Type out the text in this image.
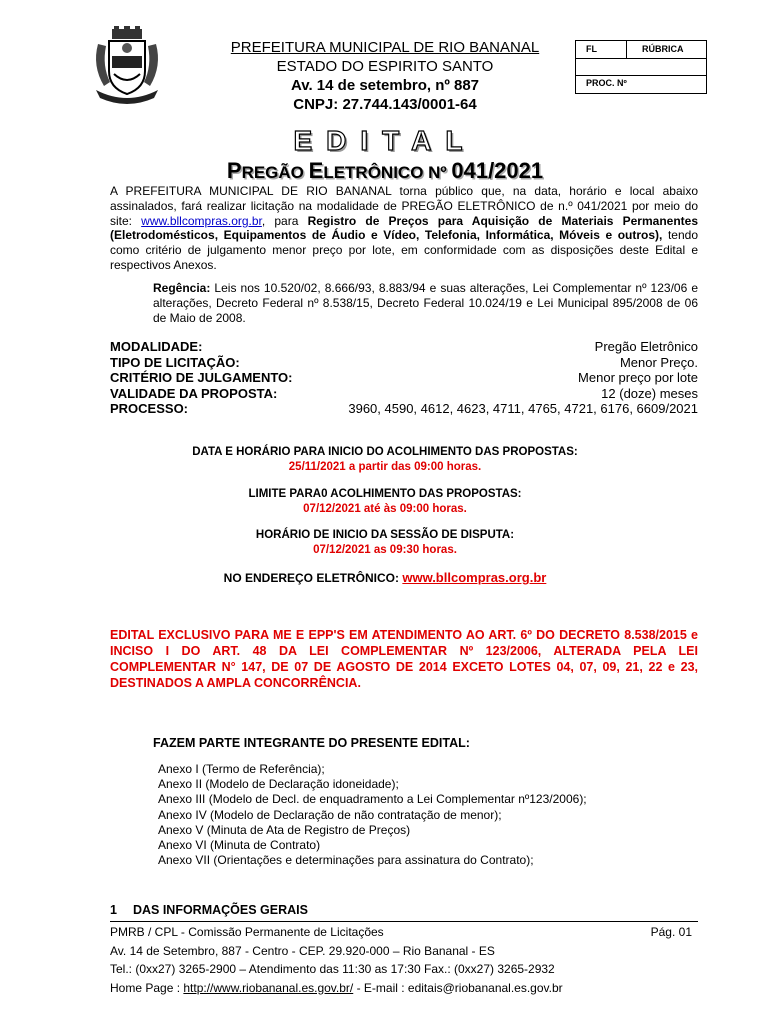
PREFEITURA MUNICIPAL DE RIO BANANAL
ESTADO DO ESPIRITO SANTO
Av. 14 de setembro, nº 887
CNPJ: 27.744.143/0001-64
FL	RÚBRICA
PROC. Nº
EDITAL
PREGÃO ELETRÔNICO Nº 041/2021
A PREFEITURA MUNICIPAL DE RIO BANANAL torna público que, na data, horário e local abaixo assinalados, fará realizar licitação na modalidade de PREGÃO ELETRÔNICO de n.º 041/2021 por meio do site: www.bllcompras.org.br, para Registro de Preços para Aquisição de Materiais Permanentes (Eletrodomésticos, Equipamentos de Áudio e Vídeo, Telefonia, Informática, Móveis e outros), tendo como critério de julgamento menor preço por lote, em conformidade com as disposições deste Edital e respectivos Anexos.
Regência: Leis nos 10.520/02, 8.666/93, 8.883/94 e suas alterações, Lei Complementar nº 123/06 e alterações, Decreto Federal nº 8.538/15, Decreto Federal 10.024/19 e Lei Municipal 895/2008 de 06 de Maio de 2008.
MODALIDADE:	Pregão Eletrônico
TIPO DE LICITAÇÃO:	Menor Preço.
CRITÉRIO DE JULGAMENTO:	Menor preço por lote
VALIDADE DA PROPOSTA:	12 (doze) meses
PROCESSO:	3960, 4590, 4612, 4623, 4711, 4765, 4721, 6176, 6609/2021
DATA E HORÁRIO PARA INICIO DO ACOLHIMENTO DAS PROPOSTAS:
25/11/2021 a partir das 09:00 horas.
LIMITE PARA0 ACOLHIMENTO DAS PROPOSTAS:
07/12/2021 até às 09:00 horas.
HORÁRIO DE INICIO DA SESSÃO DE DISPUTA:
07/12/2021 as 09:30 horas.
NO ENDEREÇO ELETRÔNICO: www.bllcompras.org.br
EDITAL EXCLUSIVO PARA ME E EPP'S EM ATENDIMENTO AO ART. 6º DO DECRETO 8.538/2015 e INCISO I DO ART. 48 DA LEI COMPLEMENTAR Nº 123/2006, ALTERADA PELA LEI COMPLEMENTAR N° 147, DE 07 DE AGOSTO DE 2014 EXCETO LOTES 04, 07, 09, 21, 22 e 23, DESTINADOS A AMPLA CONCORRÊNCIA.
FAZEM PARTE INTEGRANTE DO PRESENTE EDITAL:
Anexo I (Termo de Referência);
Anexo II (Modelo de Declaração idoneidade);
Anexo III (Modelo de Decl. de enquadramento a Lei Complementar nº123/2006);
Anexo IV (Modelo de Declaração de não contratação de menor);
Anexo V (Minuta de Ata de Registro de Preços)
Anexo VI (Minuta de Contrato)
Anexo VII (Orientações e determinações para assinatura do Contrato);
1 DAS INFORMAÇÕES GERAIS
PMRB / CPL - Comissão Permanente de Licitações	Pág. 01
Av. 14 de Setembro, 887 - Centro - CEP. 29.920-000 – Rio Bananal - ES
Tel.: (0xx27) 3265-2900 – Atendimento das 11:30 as 17:30 Fax.: (0xx27) 3265-2932
Home Page : http://www.riobananal.es.gov.br/ - E-mail : editais@riobananal.es.gov.br
